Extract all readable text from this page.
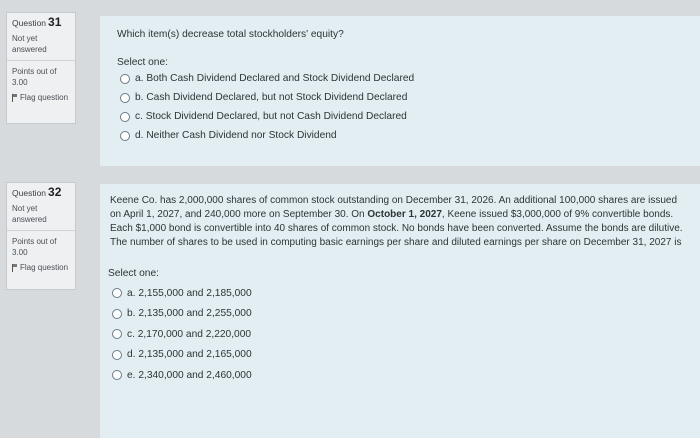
Question 31
Not yet answered
Points out of 3.00
Flag question
Which item(s) decrease total stockholders' equity?
Select one:
a. Both Cash Dividend Declared and Stock Dividend Declared
b. Cash Dividend Declared, but not Stock Dividend Declared
c. Stock Dividend Declared, but not Cash Dividend Declared
d. Neither Cash Dividend nor Stock Dividend
Question 32
Not yet answered
Points out of 3.00
Flag question
Keene Co. has 2,000,000 shares of common stock outstanding on December 31, 2026. An additional 100,000 shares are issued on April 1, 2027, and 240,000 more on September 30. On October 1, 2027, Keene issued $3,000,000 of 9% convertible bonds. Each $1,000 bond is convertible into 40 shares of common stock. No bonds have been converted. Assume the bonds are dilutive. The number of shares to be used in computing basic earnings per share and diluted earnings per share on December 31, 2027 is
Select one:
a. 2,155,000 and 2,185,000
b. 2,135,000 and 2,255,000
c. 2,170,000 and 2,220,000
d. 2,135,000 and 2,165,000
e. 2,340,000 and 2,460,000
